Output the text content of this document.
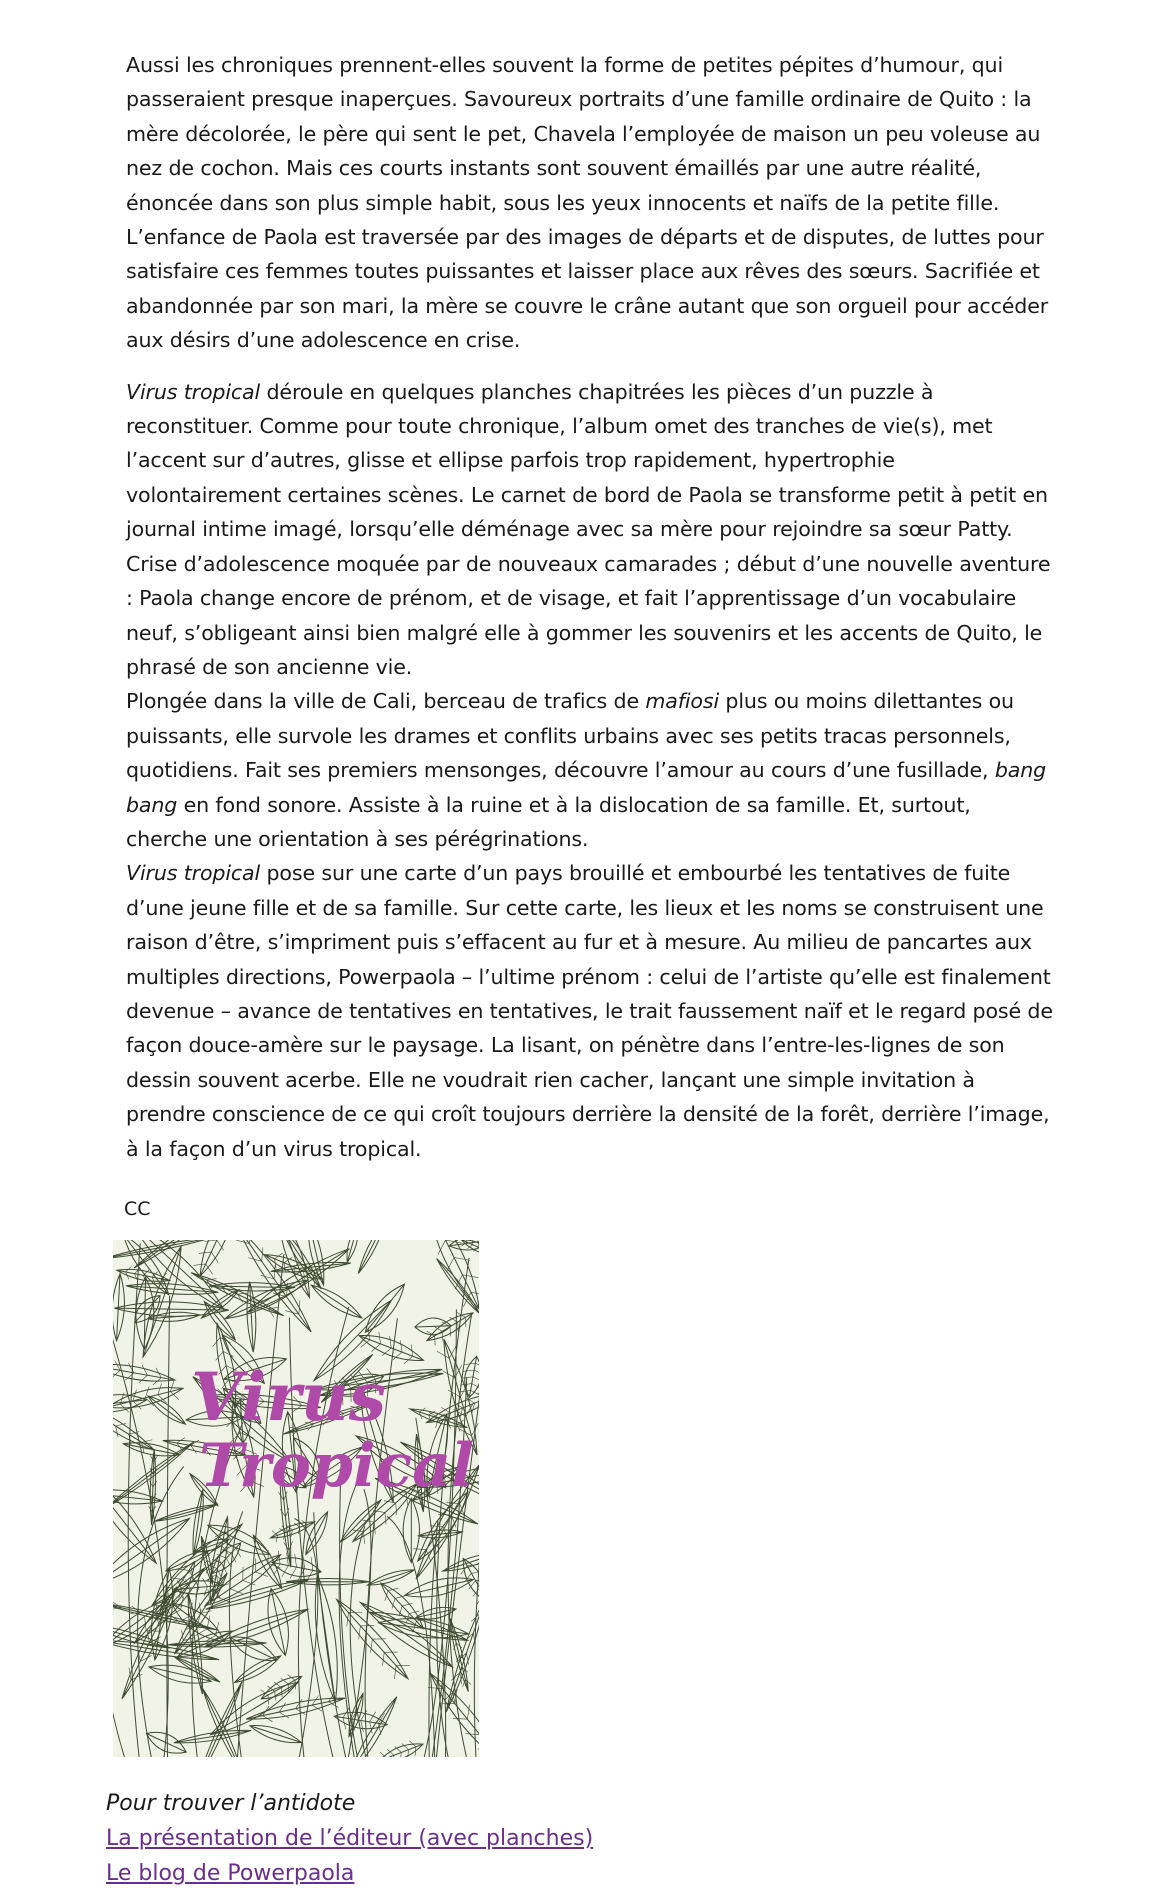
Aussi les chroniques prennent-elles souvent la forme de petites pépites d’humour, qui passeraient presque inaperçues. Savoureux portraits d’une famille ordinaire de Quito : la mère décolorée, le père qui sent le pet, Chavela l’employée de maison un peu voleuse au nez de cochon. Mais ces courts instants sont souvent émaillés par une autre réalité, énoncée dans son plus simple habit, sous les yeux innocents et naïfs de la petite fille. L’enfance de Paola est traversée par des images de départs et de disputes, de luttes pour satisfaire ces femmes toutes puissantes et laisser place aux rêves des sœurs. Sacrifiée et abandonnée par son mari, la mère se couvre le crâne autant que son orgueil pour accéder aux désirs d’une adolescence en crise.

Virus tropical déroule en quelques planches chapitrées les pièces d’un puzzle à reconstituer. Comme pour toute chronique, l’album omet des tranches de vie(s), met l’accent sur d’autres, glisse et ellipse parfois trop rapidement, hypertrophie volontairement certaines scènes. Le carnet de bord de Paola se transforme petit à petit en journal intime imagé, lorsqu’elle déménage avec sa mère pour rejoindre sa sœur Patty. Crise d’adolescence moquée par de nouveaux camarades ; début d’une nouvelle aventure : Paola change encore de prénom, et de visage, et fait l’apprentissage d’un vocabulaire neuf, s’obligeant ainsi bien malgré elle à gommer les souvenirs et les accents de Quito, le phrasé de son ancienne vie.

Plongée dans la ville de Cali, berceau de trafics de mafiosi plus ou moins dilettantes ou puissants, elle survole les drames et conflits urbains avec ses petits tracas personnels, quotidiens. Fait ses premiers mensonges, découvre l’amour au cours d’une fusillade, bang bang en fond sonore. Assiste à la ruine et à la dislocation de sa famille. Et, surtout, cherche une orientation à ses pérégrinations.

Virus tropical pose sur une carte d’un pays brouillé et embourbé les tentatives de fuite d’une jeune fille et de sa famille. Sur cette carte, les lieux et les noms se construisent une raison d’être, s’impriment puis s’effacent au fur et à mesure. Au milieu de pancartes aux multiples directions, Powerpaola – l’ultime prénom : celui de l’artiste qu’elle est finalement devenue – avance de tentatives en tentatives, le trait faussement naïf et le regard posé de façon douce-amère sur le paysage. La lisant, on pénètre dans l’entre-les-lignes de son dessin souvent acerbe. Elle ne voudrait rien cacher, lançant une simple invitation à prendre conscience de ce qui croît toujours derrière la densité de la forêt, derrière l’image, à la façon d’un virus tropical.

CC
Virus
Tropical
Pour trouver l’antidote
La présentation de l’éditeur (avec planches)
Le blog de Powerpaola
